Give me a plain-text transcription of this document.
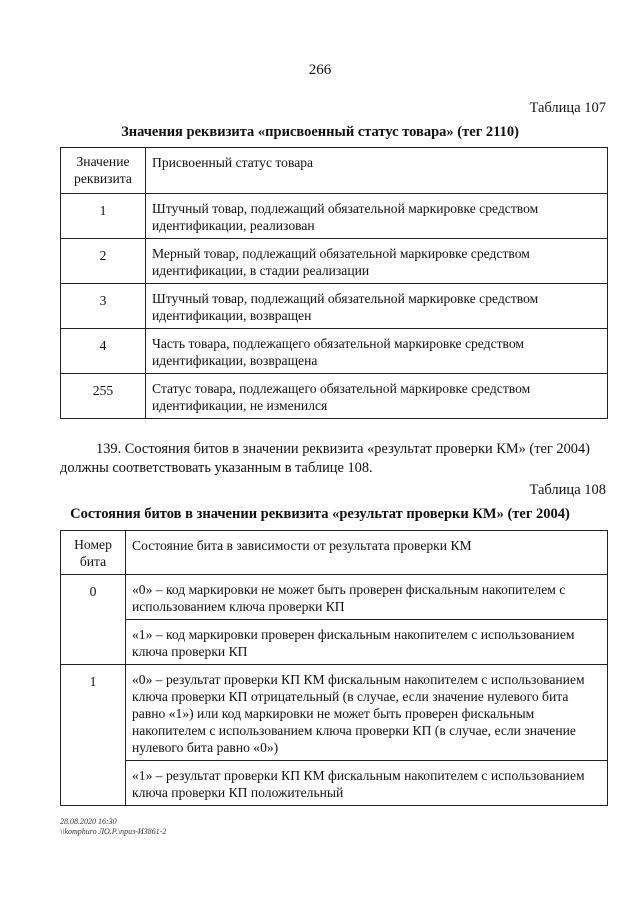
266
Таблица 107
Значения реквизита «присвоенный статус товара» (тег 2110)
Значение реквизита	Присвоенный статус товара
1	Штучный товар, подлежащий обязательной маркировке средством идентификации, реализован
2	Мерный товар, подлежащий обязательной маркировке средством идентификации, в стадии реализации
3	Штучный товар, подлежащий обязательной маркировке средством идентификации, возвращен
4	Часть товара, подлежащего обязательной маркировке средством идентификации, возвращена
255	Статус товара, подлежащего обязательной маркировке средством идентификации, не изменился
139. Состояния битов в значении реквизита «результат проверки КМ» (тег 2004) должны соответствовать указанным в таблице 108.
Таблица 108
Состояния битов в значении реквизита «результат проверки КМ» (тег 2004)
Номер бита	Состояние бита в зависимости от результата проверки КМ
0	«0» – код маркировки не может быть проверен фискальным накопителем с использованием ключа проверки КП
	«1» – код маркировки проверен фискальным накопителем с использованием ключа проверки КП
1	«0» – результат проверки КП КМ фискальным накопителем с использованием ключа проверки КП отрицательный (в случае, если значение нулевого бита равно «1») или код маркировки не может быть проверен фискальным накопителем с использованием ключа проверки КП (в случае, если значение нулевого бита равно «0»)
	«1» – результат проверки КП КМ фискальным накопителем с использованием ключа проверки КП положительный
28.08.2020 16:30
\\komphuro ЛО.Р.\приз-И3861-2
